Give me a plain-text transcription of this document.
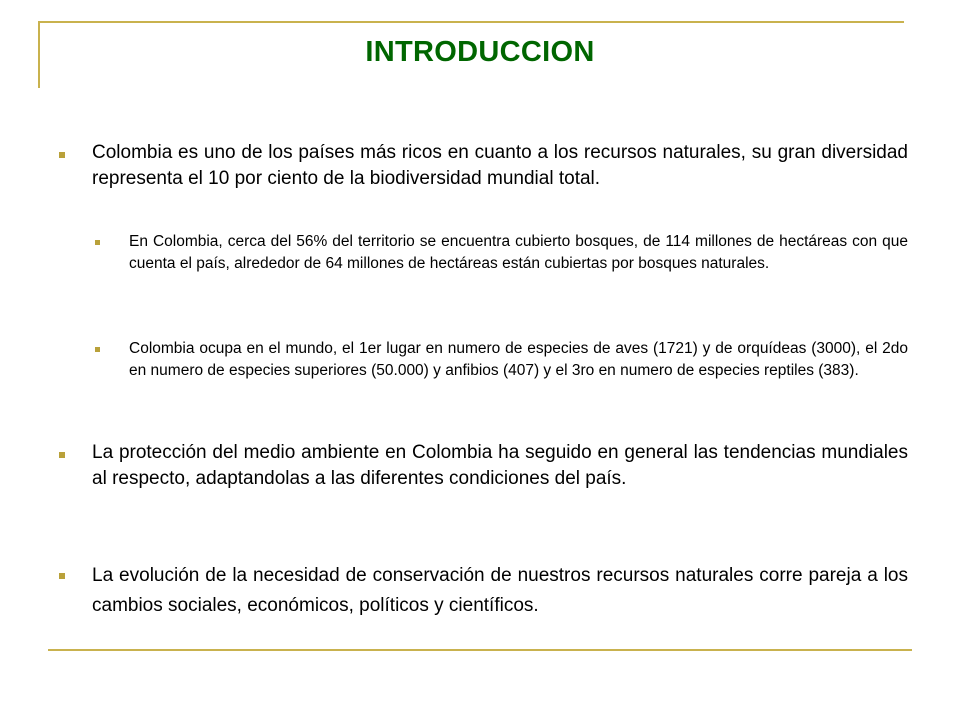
INTRODUCCION
Colombia es uno de los países más ricos en cuanto a los recursos naturales, su gran diversidad representa el 10 por ciento de la biodiversidad mundial total.
En Colombia, cerca del 56% del territorio se encuentra cubierto bosques, de 114 millones de hectáreas con que cuenta el país, alrededor de 64 millones de hectáreas están cubiertas por bosques naturales.
Colombia ocupa en el mundo, el 1er lugar en numero de especies de aves (1721) y de orquídeas (3000), el 2do en numero de especies superiores (50.000) y anfibios (407) y el 3ro en numero de especies reptiles (383).
La protección del medio ambiente en Colombia ha seguido en general las tendencias mundiales al respecto, adaptandolas a las diferentes condiciones del país.
La evolución de la necesidad de conservación de nuestros recursos naturales corre pareja a los cambios sociales, económicos, políticos y científicos.
